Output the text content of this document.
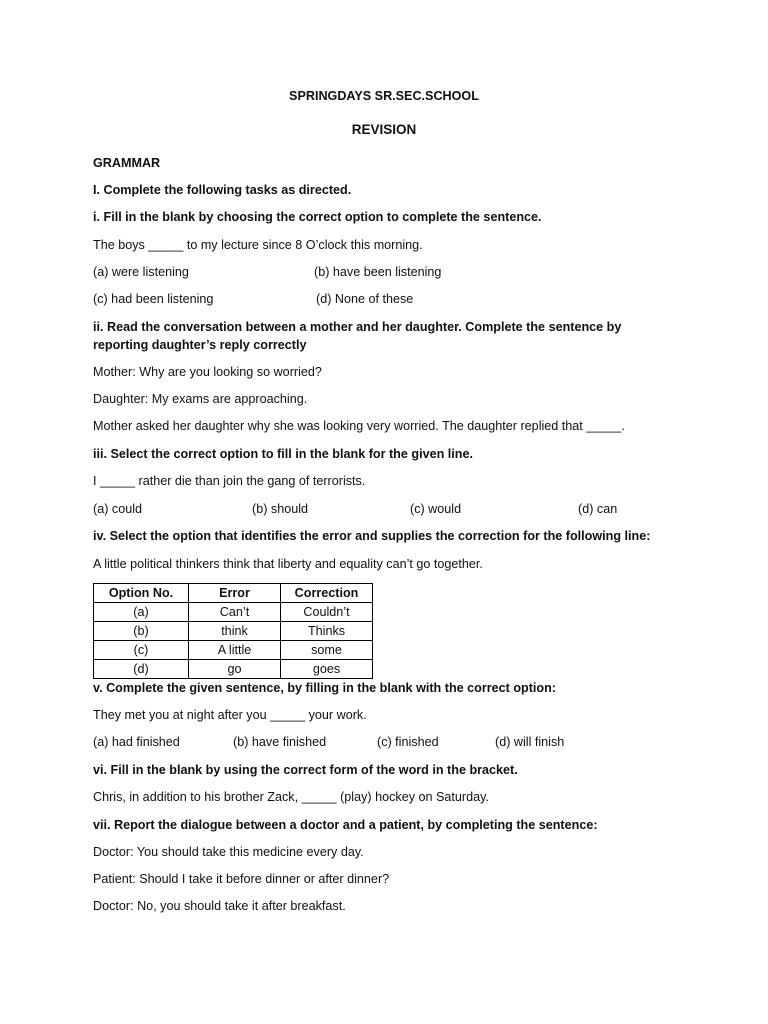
SPRINGDAYS SR.SEC.SCHOOL
REVISION
GRAMMAR
I. Complete the following tasks as directed.
i. Fill in the blank by choosing the correct option to complete the sentence.
The boys _____ to my lecture since 8 O’clock this morning.
(a) were listening	(b) have been listening
(c) had been listening	(d) None of these
ii. Read the conversation between a mother and her daughter. Complete the sentence by
reporting daughter’s reply correctly
Mother: Why are you looking so worried?
Daughter: My exams are approaching.
Mother asked her daughter why she was looking very worried. The daughter replied that _____.
iii. Select the correct option to fill in the blank for the given line.
I _____ rather die than join the gang of terrorists.
(a) could	(b) should	(c) would	(d) can
iv. Select the option that identifies the error and supplies the correction for the following line:
A little political thinkers think that liberty and equality can’t go together.
Option No.	Error	Correction
(a)	Can’t	Couldn’t
(b)	think	Thinks
(c)	A little	some
(d)	go	goes
v. Complete the given sentence, by filling in the blank with the correct option:
They met you at night after you _____ your work.
(a) had finished	(b) have finished	(c) finished	(d) will finish
vi. Fill in the blank by using the correct form of the word in the bracket.
Chris, in addition to his brother Zack, _____ (play) hockey on Saturday.
vii. Report the dialogue between a doctor and a patient, by completing the sentence:
Doctor: You should take this medicine every day.
Patient: Should I take it before dinner or after dinner?
Doctor: No, you should take it after breakfast.
